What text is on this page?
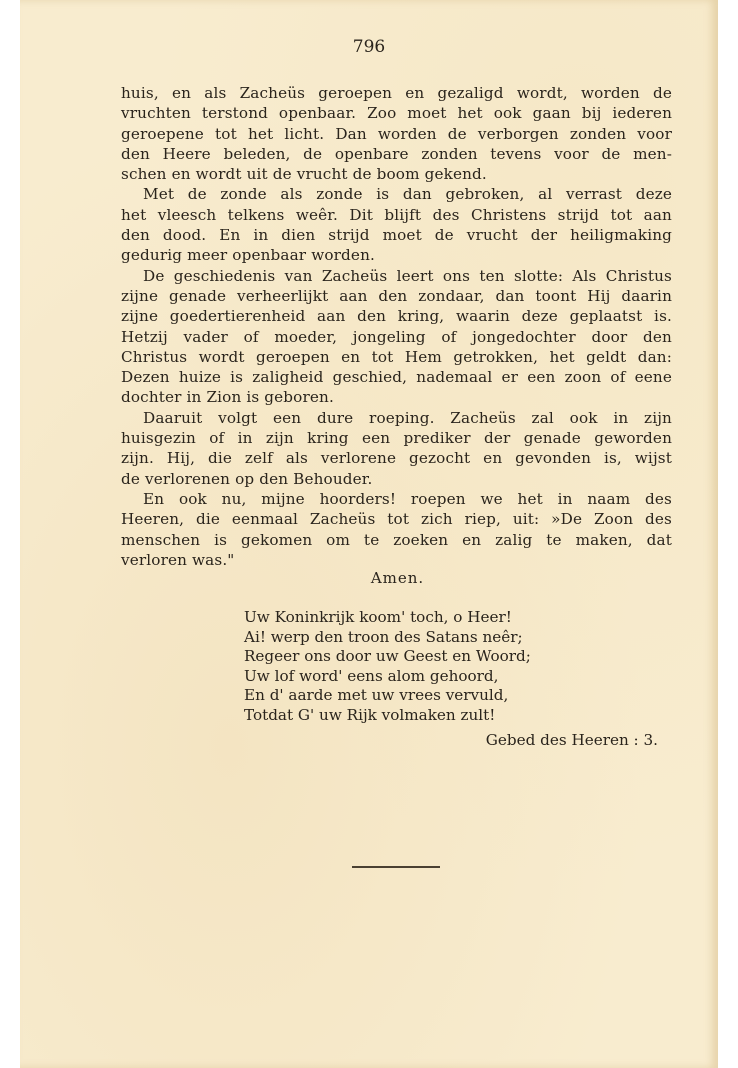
796
huis, en als Zacheüs geroepen en gezaligd wordt, worden de
vruchten terstond openbaar. Zoo moet het ook gaan bij iederen
geroepene tot het licht. Dan worden de verborgen zonden voor
den Heere beleden, de openbare zonden tevens voor de men-
schen en wordt uit de vrucht de boom gekend.
Met de zonde als zonde is dan gebroken, al verrast deze
het vleesch telkens weêr. Dit blijft des Christens strijd tot aan
den dood. En in dien strijd moet de vrucht der heiligmaking
gedurig meer openbaar worden.
De geschiedenis van Zacheüs leert ons ten slotte: Als Christus
zijne genade verheerlijkt aan den zondaar, dan toont Hij daarin
zijne goedertierenheid aan den kring, waarin deze geplaatst is.
Hetzij vader of moeder, jongeling of jongedochter door den
Christus wordt geroepen en tot Hem getrokken, het geldt dan:
Dezen huize is zaligheid geschied, nademaal er een zoon of eene
dochter in Zion is geboren.
Daaruit volgt een dure roeping. Zacheüs zal ook in zijn
huisgezin of in zijn kring een prediker der genade geworden
zijn. Hij, die zelf als verlorene gezocht en gevonden is, wijst
de verlorenen op den Behouder.
En ook nu, mijne hoorders! roepen we het in naam des
Heeren, die eenmaal Zacheüs tot zich riep, uit: »De Zoon des
menschen is gekomen om te zoeken en zalig te maken, dat
verloren was."
Amen.
Uw Koninkrijk koom' toch, o Heer!
Ai! werp den troon des Satans neêr;
Regeer ons door uw Geest en Woord;
Uw lof word' eens alom gehoord,
En d' aarde met uw vrees vervuld,
Totdat G' uw Rijk volmaken zult!
Gebed des Heeren : 3.
